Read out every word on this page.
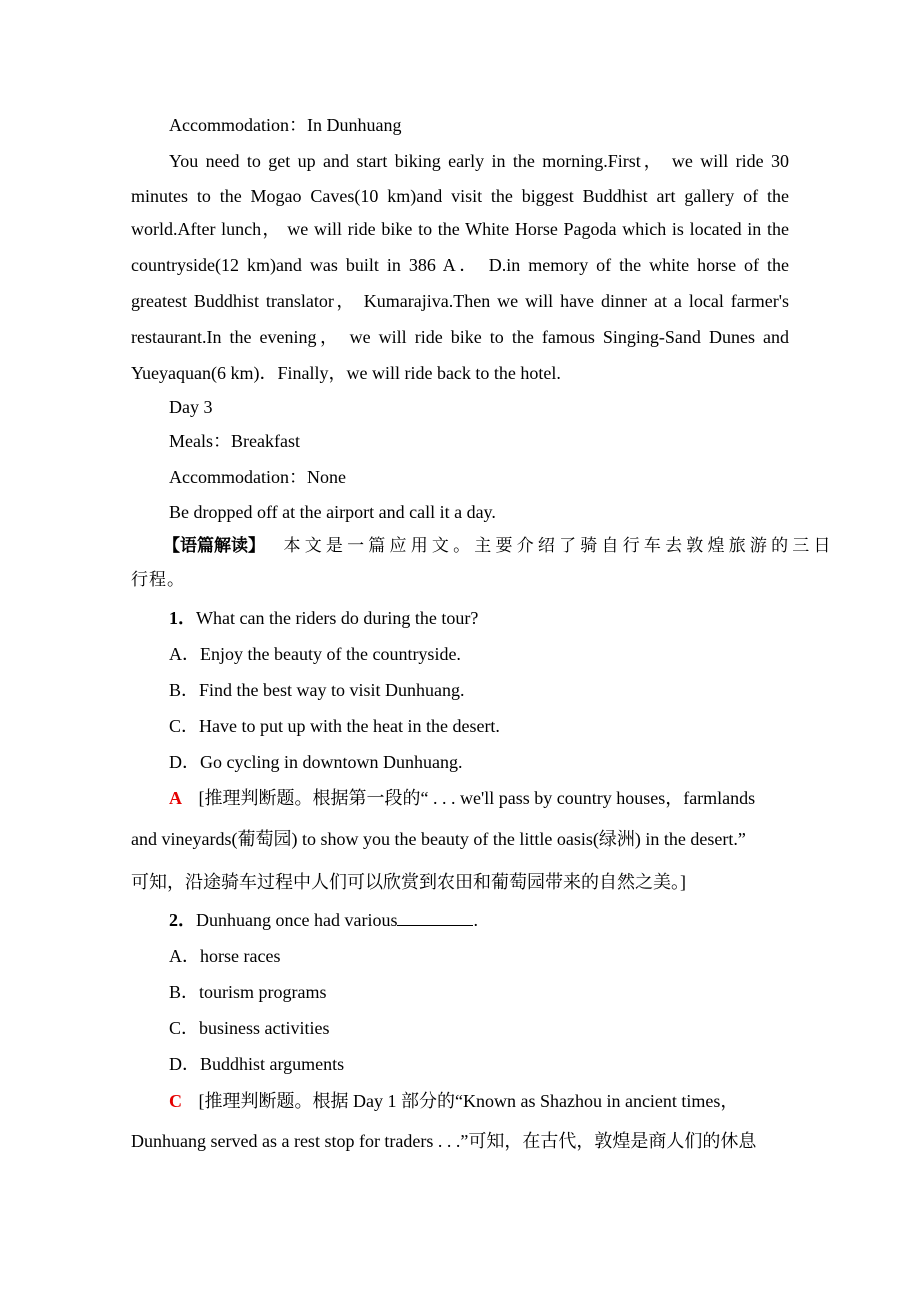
Accommodation：In Dunhuang
You need to get up and start biking early in the morning.First， we will ride 30
minutes to the Mogao Caves(10 km)and visit the biggest Buddhist art gallery of the
world.After lunch， we will ride bike to the White Horse Pagoda which is located in the
countryside(12 km)and was built in 386 A． D.in memory of the white horse of the
greatest Buddhist translator， Kumarajiva.Then we will have dinner at a local farmer's
restaurant.In the evening， we will ride bike to the famous Singing‐Sand Dunes and
Yueyaquan(6 km)．Finally，we will ride back to the hotel.
Day 3
Meals：Breakfast
Accommodation：None
Be dropped off at the airport and call it a day.
【语篇解读】 本文是一篇应用文。主要介绍了骑自行车去敦煌旅游的三日
行程。
1．What can the riders do during the tour?
A．Enjoy the beauty of the countryside.
B．Find the best way to visit Dunhuang.
C．Have to put up with the heat in the desert.
D．Go cycling in downtown Dunhuang.
A [推理判断题。根据第一段的“ . . . we'll pass by country houses，farmlands
and vineyards(葡萄园) to show you the beauty of the little oasis(绿洲) in the desert.”
可知，沿途骑车过程中人们可以欣赏到农田和葡萄园带来的自然之美。]
2．Dunhuang once had various	.
A．horse races
B．tourism programs
C．business activities
D．Buddhist arguments
C [推理判断题。根据 Day 1 部分的“Known as Shazhou in ancient times，
Dunhuang served as a rest stop for traders . . .”可知，在古代，敦煌是商人们的休息
